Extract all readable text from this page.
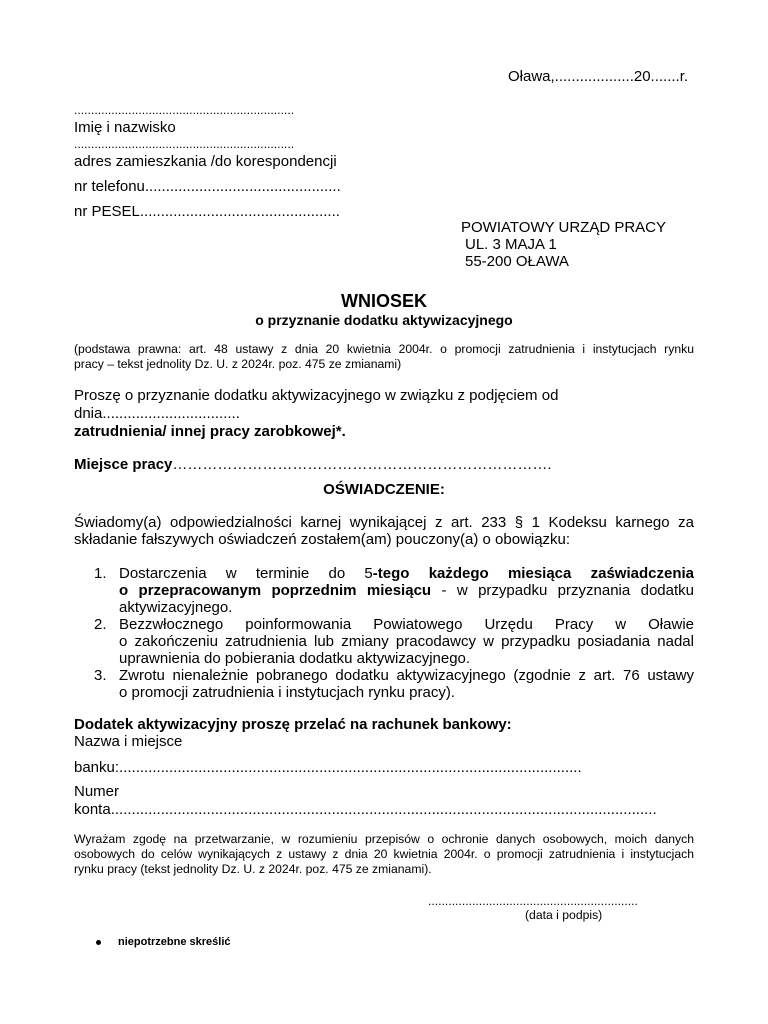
Oława,...................20.......r.
.................................................................
Imię i nazwisko
.................................................................
adres zamieszkania /do korespondencji
nr telefonu...............................................
nr PESEL................................................
POWIATOWY URZĄD PRACY
UL. 3 MAJA 1
55-200 OŁAWA
WNIOSEK
o przyznanie dodatku aktywizacyjnego
(podstawa prawna: art. 48 ustawy z dnia 20 kwietnia 2004r. o promocji zatrudnienia i instytucjach rynku
pracy – tekst jednolity Dz. U. z 2024r. poz. 475 ze zmianami)
Proszę o przyznanie dodatku aktywizacyjnego w związku z podjęciem od
dnia.................................
zatrudnienia/ innej pracy zarobkowej*.
Miejsce pracy………………………………………………………………….
OŚWIADCZENIE:
Świadomy(a) odpowiedzialności karnej wynikającej z art. 233 § 1 Kodeksu karnego za
składanie fałszywych oświadczeń zostałem(am) pouczony(a) o obowiązku:
1. Dostarczenia w terminie do 5-tego każdego miesiąca zaświadczenia
o przepracowanym poprzednim miesiącu - w przypadku przyznania dodatku
aktywizacyjnego.
2. Bezzwłocznego poinformowania Powiatowego Urzędu Pracy w Oławie
o zakończeniu zatrudnienia lub zmiany pracodawcy w przypadku posiadania nadal
uprawnienia do pobierania dodatku aktywizacyjnego.
3. Zwrotu nienależnie pobranego dodatku aktywizacyjnego (zgodnie z art. 76 ustawy
o promocji zatrudnienia i instytucjach rynku pracy).
Dodatek aktywizacyjny proszę przelać na rachunek bankowy:
Nazwa i miejsce
banku:...............................................................................................................
Numer
konta...................................................................................................................................
Wyrażam zgodę na przetwarzanie, w rozumieniu przepisów o ochronie danych osobowych, moich danych
osobowych do celów wynikających z ustawy z dnia 20 kwietnia 2004r. o promocji zatrudnienia i instytucjach
rynku pracy (tekst jednolity Dz. U. z 2024r. poz. 475 ze zmianami).
..............................................................
(data i podpis)
niepotrzebne skreślić
